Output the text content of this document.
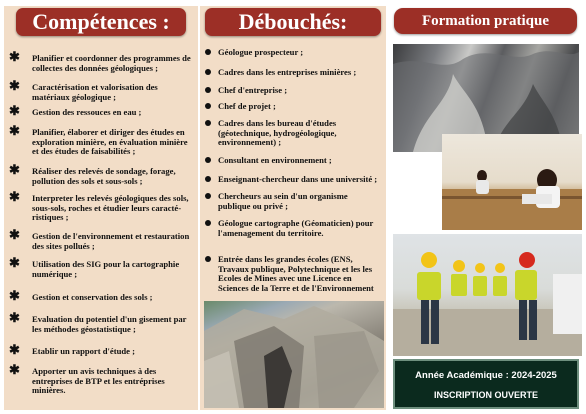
Compétences :
✱ Planifier et coordonner des programmes de collectes des données géologiques ;
✱ Caractérisation et valorisation des matériaux géologique ;
✱ Gestion des ressouces en eau ;
✱ Planifier, élaborer et diriger des études en exploration minière, en évaluation minière et des études de faisabilités ;
✱ Réaliser des relevés de sondage, forage, pollution des sols et sous-sols ;
✱ Interpreter les relevés géologiques des sols, sous-sols, roches et étudier leurs caracté-ristiques ;
✱ Gestion de l'environnement et restauration des sites pollués ;
✱ Utilisation des SIG pour la cartographie numérique ;
✱ Gestion et conservation des sols ;
✱ Evaluation du potentiel d'un gisement par les méthodes géostatistique ;
✱ Etablir un rapport d'étude ;
✱ Apporter un avis techniques à des entreprises de BTP et les entréprises minières.
Débouchés:
Géologue prospecteur ;
Cadres dans les entreprises minières ;
Chef d'entreprise ;
Chef de projet ;
Cadres dans les bureau d'études (géotechnique, hydrogéologique, environnement) ;
Consultant en environnement ;
Enseignant-chercheur dans une université ;
Chercheurs au sein d'un organisme publique ou privé ;
Géologue cartographe (Géomaticien) pour l'amenagement du territoire.
Entrée dans les grandes écoles (ENS, Travaux publique, Polytechnique et les les Ecoles de Mines avec une Licence en Sciences de la Terre et de l'Environnement
Formation pratique
Année Académique : 2024-2025
INSCRIPTION OUVERTE
